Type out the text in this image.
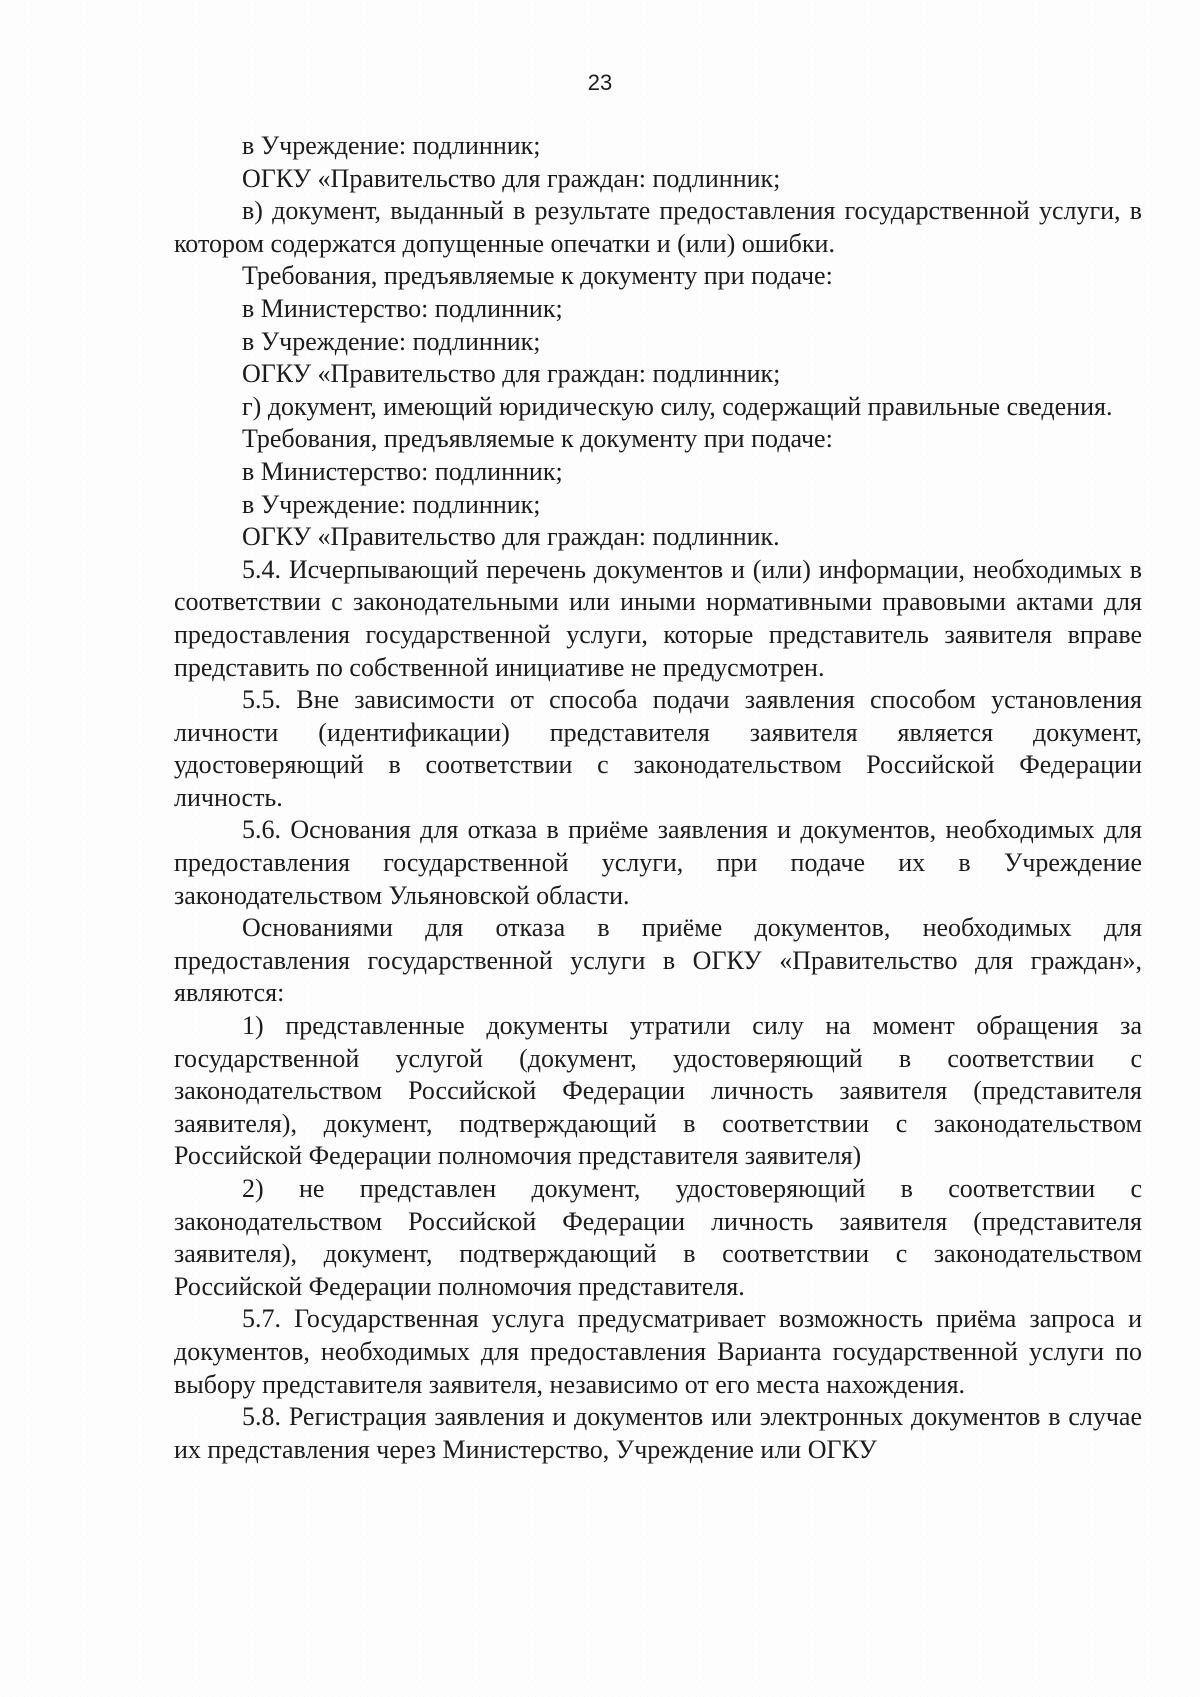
23

в Учреждение: подлинник;

ОГКУ «Правительство для граждан: подлинник;

в) документ, выданный в результате предоставления государственной услуги, в котором содержатся допущенные опечатки и (или) ошибки.

Требования, предъявляемые к документу при подаче:

в Министерство: подлинник;

в Учреждение: подлинник;

ОГКУ «Правительство для граждан: подлинник;

г) документ, имеющий юридическую силу, содержащий правильные сведения.

Требования, предъявляемые к документу при подаче:

в Министерство: подлинник;

в Учреждение: подлинник;

ОГКУ «Правительство для граждан: подлинник.

5.4. Исчерпывающий перечень документов и (или) информации, необходимых в соответствии с законодательными или иными нормативными правовыми актами для предоставления государственной услуги, которые представитель заявителя вправе представить по собственной инициативе не предусмотрен.

5.5. Вне зависимости от способа подачи заявления способом установления личности (идентификации) представителя заявителя является документ, удостоверяющий в соответствии с законодательством Российской Федерации личность.

5.6. Основания для отказа в приёме заявления и документов, необходимых для предоставления государственной услуги, при подаче их в Учреждение законодательством Ульяновской области.

Основаниями для отказа в приёме документов, необходимых для предоставления государственной услуги в ОГКУ «Правительство для граждан», являются:

1) представленные документы утратили силу на момент обращения за государственной услугой (документ, удостоверяющий в соответствии с законодательством Российской Федерации личность заявителя (представителя заявителя), документ, подтверждающий в соответствии с законодательством Российской Федерации полномочия представителя заявителя)

2) не представлен документ, удостоверяющий в соответствии с законодательством Российской Федерации личность заявителя (представителя заявителя), документ, подтверждающий в соответствии с законодательством Российской Федерации полномочия представителя.

5.7. Государственная услуга предусматривает возможность приёма запроса и документов, необходимых для предоставления Варианта государственной услуги по выбору представителя заявителя, независимо от его места нахождения.

5.8. Регистрация заявления и документов или электронных документов в случае их представления через Министерство, Учреждение или ОГКУ
